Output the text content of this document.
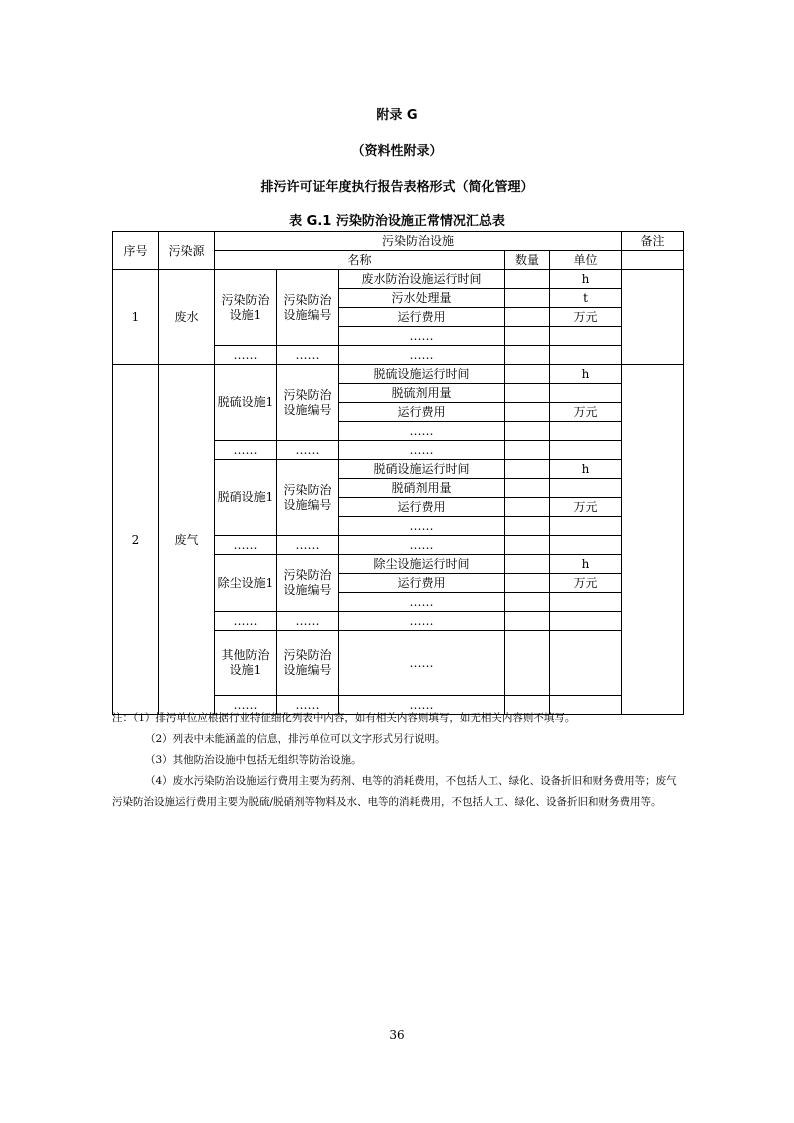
附录 G
（资料性附录）
排污许可证年度执行报告表格形式（简化管理）
表 G.1 污染防治设施正常情况汇总表
序号	污染源	污染防治设施					备注
		名称			数量	单位	
1	废水	污染防治设施1	污染防治设施编号	废水防治设施运行时间		h	
				污水处理量		t	
				运行费用		万元	
				……			
		……	……	……			
2	废气	脱硫设施1	污染防治设施编号	脱硫设施运行时间		h	
				脱硫剂用量			
				运行费用		万元	
				……			
		……	……	……			
		脱硝设施1	污染防治设施编号	脱硝设施运行时间		h	
				脱硝剂用量			
				运行费用		万元	
				……			
		……	……	……			
		除尘设施1	污染防治设施编号	除尘设施运行时间		h	
				运行费用		万元	
				……			
		……	……	……			
		其他防治设施1	污染防治设施编号	……			
		……	……	……			

注：（1）排污单位应根据行业特征细化列表中内容，如有相关内容则填写，如无相关内容则不填写。

（2）列表中未能涵盖的信息，排污单位可以文字形式另行说明。

（3）其他防治设施中包括无组织等防治设施。

（4）废水污染防治设施运行费用主要为药剂、电等的消耗费用，不包括人工、绿化、设备折旧和财务费用等；废气污染防治设施运行费用主要为脱硫/脱硝剂等物料及水、电等的消耗费用，不包括人工、绿化、设备折旧和财务费用等。

36
